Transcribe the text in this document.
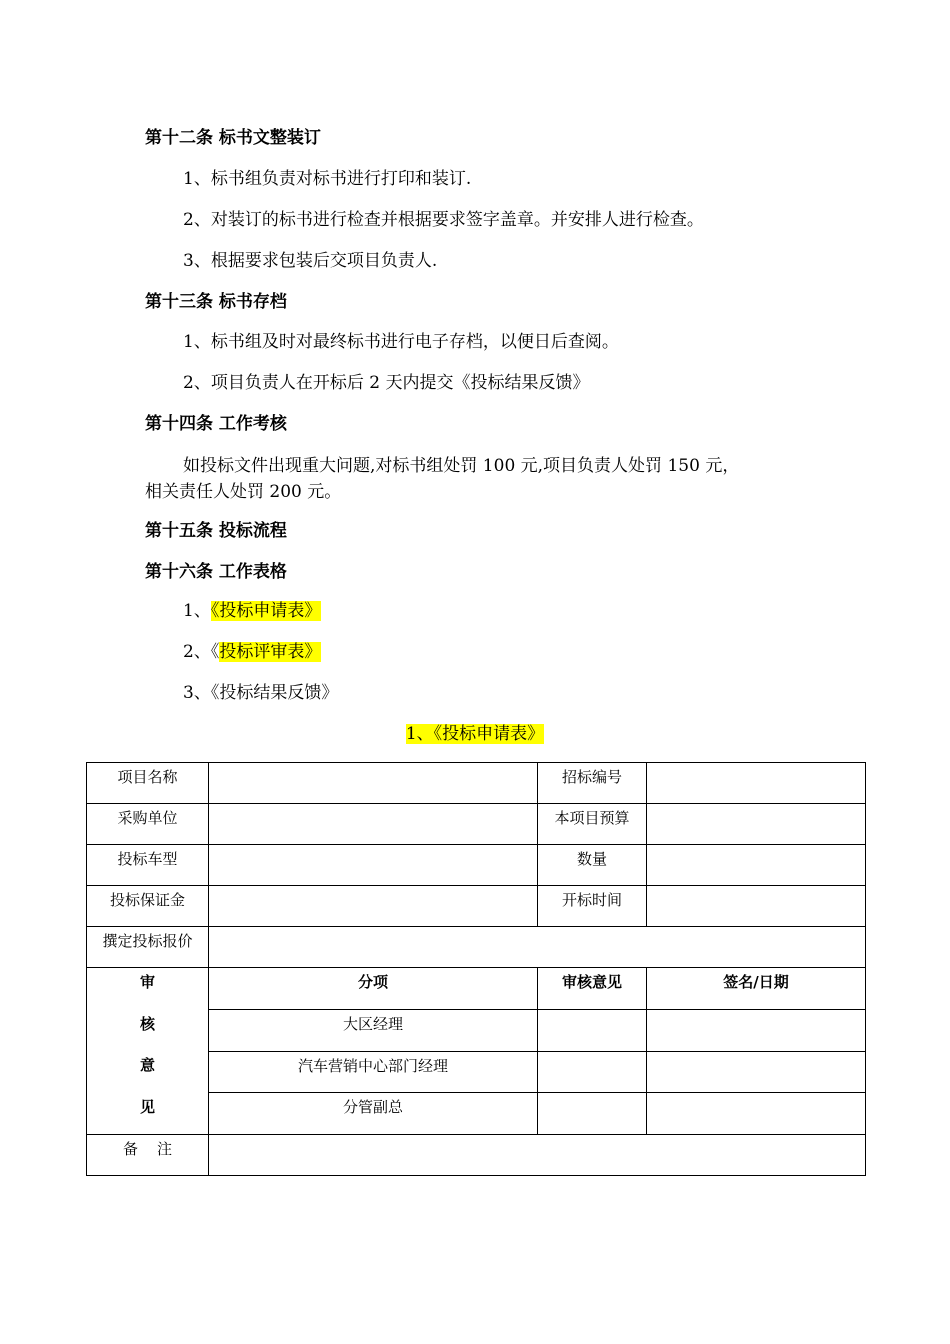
第十二条 标书文整装订
1、标书组负责对标书进行打印和装订.
2、对装订的标书进行检查并根据要求签字盖章。并安排人进行检查。
3、根据要求包装后交项目负责人.
第十三条 标书存档
1、标书组及时对最终标书进行电子存档，以便日后查阅。
2、项目负责人在开标后 2 天内提交《投标结果反馈》
第十四条 工作考核
如投标文件出现重大问题,对标书组处罚 100 元,项目负责人处罚 150 元，
相关责任人处罚 200 元。
第十五条 投标流程
第十六条 工作表格
1、《投标申请表》
2、《投标评审表》
3、《投标结果反馈》
1、《投标申请表》
项目名称		招标编号	

采购单位		本项目预算	

投标车型		数量	

投标保证金		开标时间	

撰定投标报价			

审
核
意
见	分项	审核意见	签名/日期

	大区经理		

	汽车营销中心部门经理		

	分管副总		

备    注			
